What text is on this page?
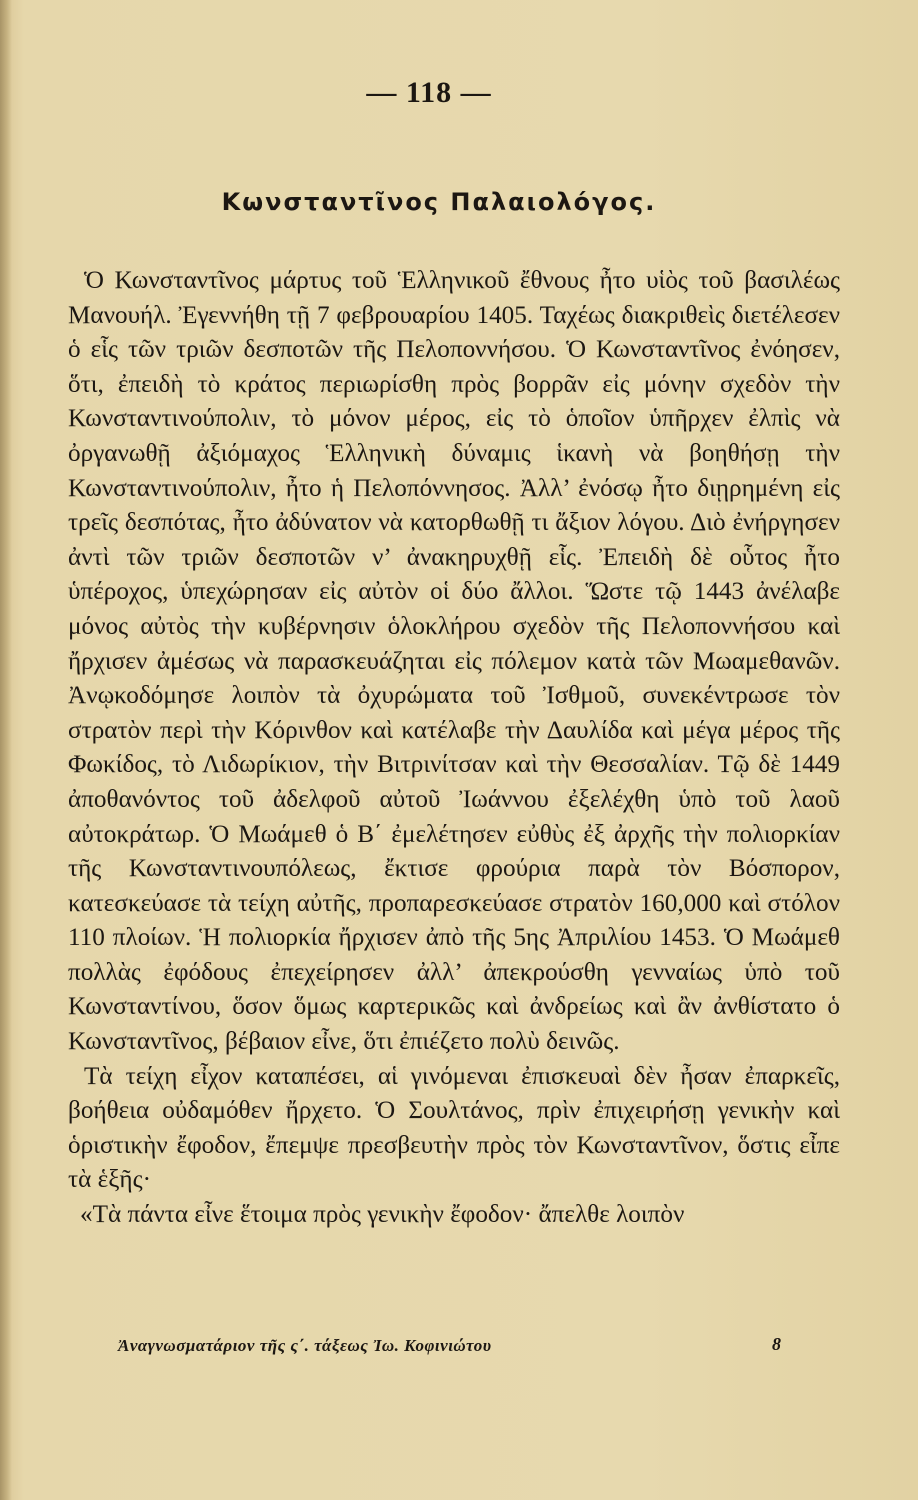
— 118 —
Κωνσταντῖνος Παλαιολόγος.

Ὁ Κωνσταντῖνος μάρτυς τοῦ Ἑλληνικοῦ ἔθνους ἦτο υἱὸς τοῦ βασιλέως Μανουήλ. Ἐγεννήθη τῇ 7 φεβρουαρίου 1405. Ταχέως διακριθεὶς διετέλεσεν ὁ εἷς τῶν τριῶν δεσποτῶν τῆς Πελοποννήσου. Ὁ Κωνσταντῖνος ἐνόησεν, ὅτι, ἐπειδὴ τὸ κράτος περιωρίσθη πρὸς βορρᾶν εἰς μόνην σχεδὸν τὴν Κωνσταντινούπολιν, τὸ μόνον μέρος, εἰς τὸ ὁποῖον ὑπῆρχεν ἐλπὶς νὰ ὀργανωθῇ ἀξιόμαχος Ἑλληνικὴ δύναμις ἱκανὴ νὰ βοηθήσῃ τὴν Κωνσταντινούπολιν, ἦτο ἡ Πελοπόννησος. Ἀλλ’ ἐνόσῳ ἦτο διῃρημένη εἰς τρεῖς δεσπότας, ἦτο ἀδύνατον νὰ κατορθωθῇ τι ἄξιον λόγου. Διὸ ἐνήργησεν ἀντὶ τῶν τριῶν δεσποτῶν ν’ ἀνακηρυχθῇ εἷς. Ἐπειδὴ δὲ οὗτος ἦτο ὑπέροχος, ὑπεχώρησαν εἰς αὐτὸν οἱ δύο ἄλλοι. Ὥστε τῷ 1443 ἀνέλαβε μόνος αὐτὸς τὴν κυβέρνησιν ὁλοκλήρου σχεδὸν τῆς Πελοποννήσου καὶ ἤρχισεν ἀμέσως νὰ παρασκευάζηται εἰς πόλεμον κατὰ τῶν Μωαμεθανῶν. Ἀνῳκοδόμησε λοιπὸν τὰ ὀχυρώματα τοῦ Ἰσθμοῦ, συνεκέντρωσε τὸν στρατὸν περὶ τὴν Κόρινθον καὶ κατέλαβε τὴν Δαυλίδα καὶ μέγα μέρος τῆς Φωκίδος, τὸ Λιδωρίκιον, τὴν Βιτρινίτσαν καὶ τὴν Θεσσαλίαν. Τῷ δὲ 1449 ἀποθανόντος τοῦ ἀδελφοῦ αὐτοῦ Ἰωάννου ἐξελέχθη ὑπὸ τοῦ λαοῦ αὐτοκράτωρ. Ὁ Μωάμεθ ὁ Β΄ ἐμελέτησεν εὐθὺς ἐξ ἀρχῆς τὴν πολιορκίαν τῆς Κωνσταντινουπόλεως, ἔκτισε φρούρια παρὰ τὸν Βόσπορον, κατεσκεύασε τὰ τείχη αὐτῆς, προπαρεσκεύασε στρατὸν 160,000 καὶ στόλον 110 πλοίων. Ἡ πολιορκία ἤρχισεν ἀπὸ τῆς 5ης Ἀπριλίου 1453. Ὁ Μωάμεθ πολλὰς ἐφόδους ἐπεχείρησεν ἀλλ’ ἀπεκρούσθη γενναίως ὑπὸ τοῦ Κωνσταντίνου, ὅσον ὅμως καρτερικῶς καὶ ἀνδρείως καὶ ἂν ἀνθίστατο ὁ Κωνσταντῖνος, βέβαιον εἶνε, ὅτι ἐπιέζετο πολὺ δεινῶς.

Τὰ τείχη εἶχον καταπέσει, αἱ γινόμεναι ἐπισκευαὶ δὲν ἦσαν ἐπαρκεῖς, βοήθεια οὐδαμόθεν ἤρχετο. Ὁ Σουλτάνος, πρὶν ἐπιχειρήσῃ γενικὴν καὶ ὁριστικὴν ἔφοδον, ἔπεμψε πρεσβευτὴν πρὸς τὸν Κωνσταντῖνον, ὅστις εἶπε τὰ ἑξῆς·

«Τὰ πάντα εἶνε ἕτοιμα πρὸς γενικὴν ἔφοδον· ἄπελθε λοιπὸν

Ἀναγνωσματάριον τῆς ς΄. τάξεως Ἰω. Κοφινιώτου	8
